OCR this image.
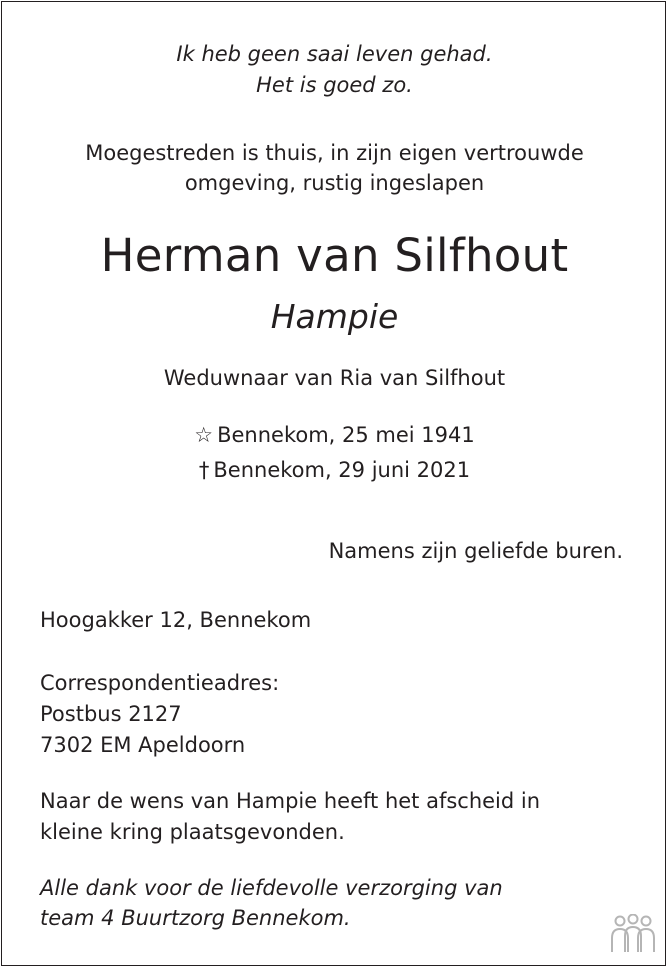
Ik heb geen saai leven gehad.

Het is goed zo.

Moegestreden is thuis, in zijn eigen vertrouwde

omgeving, rustig ingeslapen

Herman van Silfhout

Hampie

Weduwnaar van Ria van Silfhout

☆ Bennekom, 25 mei 1941

† Bennekom, 29 juni 2021

Namens zijn geliefde buren.

Hoogakker 12, Bennekom

Correspondentieadres:

Postbus 2127

7302 EM Apeldoorn

Naar de wens van Hampie heeft het afscheid in

kleine kring plaatsgevonden.

Alle dank voor de liefdevolle verzorging van

team 4 Buurtzorg Bennekom.
